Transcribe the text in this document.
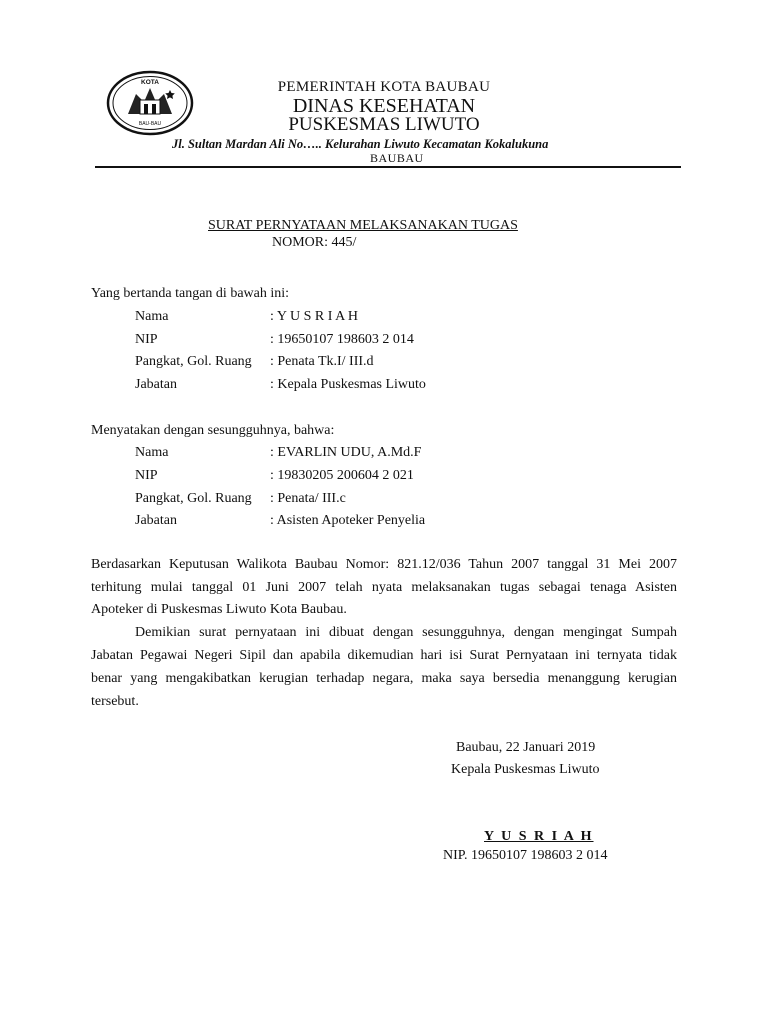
KOTA
BAU-BAU
PEMERINTAH KOTA BAUBAU
DINAS KESEHATAN
PUSKESMAS LIWUTO
Jl. Sultan Mardan Ali No….. Kelurahan Liwuto Kecamatan Kokalukuna
BAUBAU
SURAT PERNYATAAN MELAKSANAKAN TUGAS
NOMOR: 445/
Yang bertanda tangan di bawah ini:
Nama	: Y U S R I A H
NIP	: 19650107 198603 2 014
Pangkat, Gol. Ruang : Penata Tk.I/ III.d
Jabatan	: Kepala Puskesmas Liwuto
Menyatakan dengan sesungguhnya, bahwa:
Nama	: EVARLIN UDU, A.Md.F
NIP	: 19830205 200604 2 021
Pangkat, Gol. Ruang : Penata/ III.c
Jabatan	: Asisten Apoteker Penyelia
Berdasarkan Keputusan Walikota Baubau Nomor: 821.12/036 Tahun 2007 tanggal 31 Mei 2007
terhitung mulai tanggal 01 Juni 2007 telah nyata melaksanakan tugas sebagai tenaga Asisten
Apoteker di Puskesmas Liwuto Kota Baubau.
Demikian surat pernyataan ini dibuat dengan sesungguhnya, dengan mengingat Sumpah
Jabatan Pegawai Negeri Sipil dan apabila dikemudian hari isi Surat Pernyataan ini ternyata tidak
benar yang mengakibatkan kerugian terhadap negara, maka saya bersedia menanggung kerugian
tersebut.
Baubau, 22 Januari 2019
Kepala Puskesmas Liwuto
Y U S R I A H
NIP. 19650107 198603 2 014
